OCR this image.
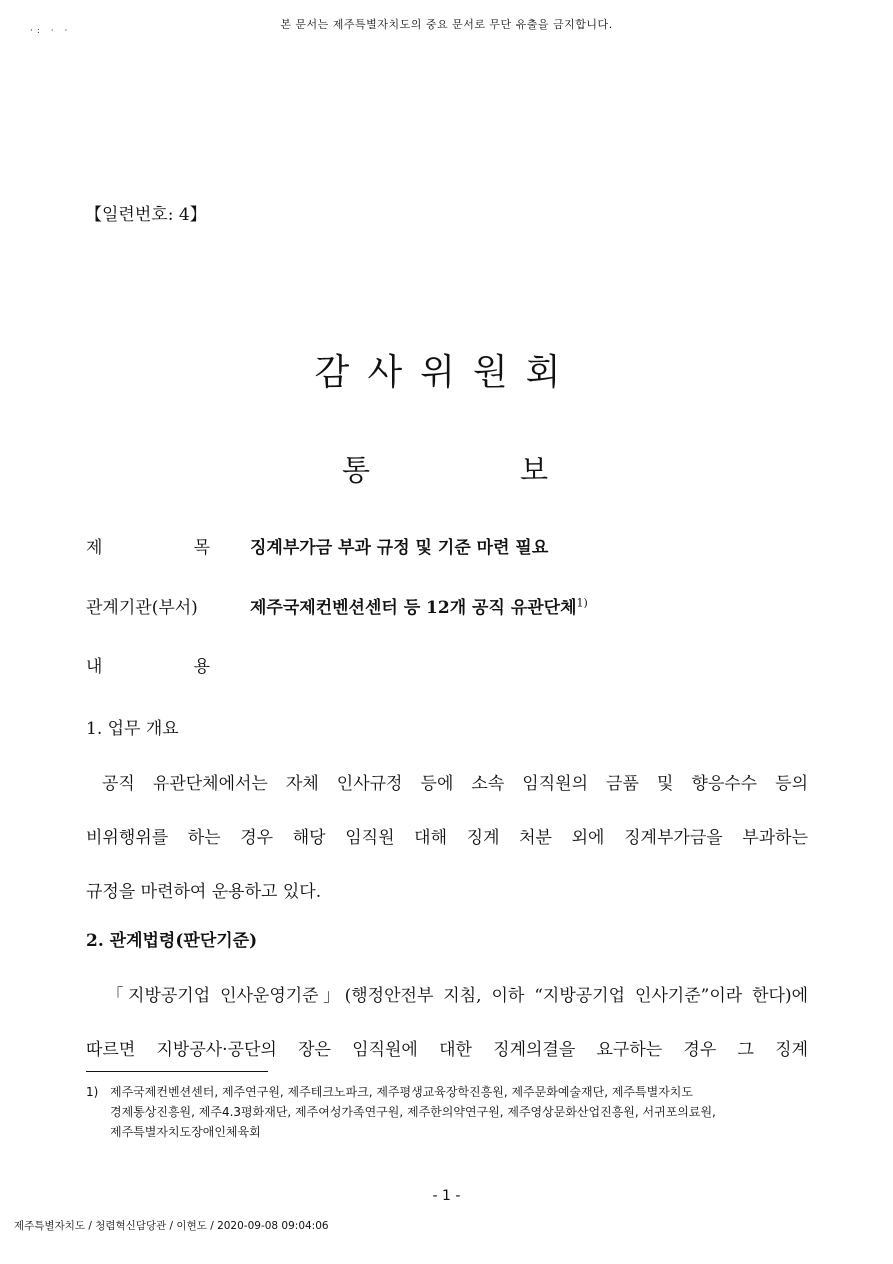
본 문서는 제주특별자치도의 중요 문서로 무단 유출을 금지합니다.
·: · ·
【일련번호: 4】
감사위원회
통	보
제	목 징계부가금 부과 규정 및 기준 마련 필요
관계기관(부서)	제주국제컨벤션센터 등 12개 공직 유관단체$^{1)}$
내	용
1. 업무 개요
공직 유관단체에서는 자체 인사규정 등에 소속 임직원의 금품 및 향응수수 등의
비위행위를 하는 경우 해당 임직원 대해 징계 처분 외에 징계부가금을 부과하는
규정을 마련하여 운용하고 있다.
2. 관계법령(판단기준)
「지방공기업 인사운영기준」(행정안전부 지침, 이하 “지방공기업 인사기준”이라 한다)에
따르면 지방공사·공단의 장은 임직원에 대한 징계의결을 요구하는 경우 그 징계
1) 제주국제컨벤션센터, 제주연구원, 제주테크노파크, 제주평생교육장학진흥원, 제주문화예술재단, 제주특별자치도
경제통상진흥원, 제주4.3평화재단, 제주여성가족연구원, 제주한의약연구원, 제주영상문화산업진흥원, 서귀포의료원,
제주특별자치도장애인체육회
- 1 -
제주특별자치도 / 청렴혁신담당관 / 이현도 / 2020-09-08 09:04:06
